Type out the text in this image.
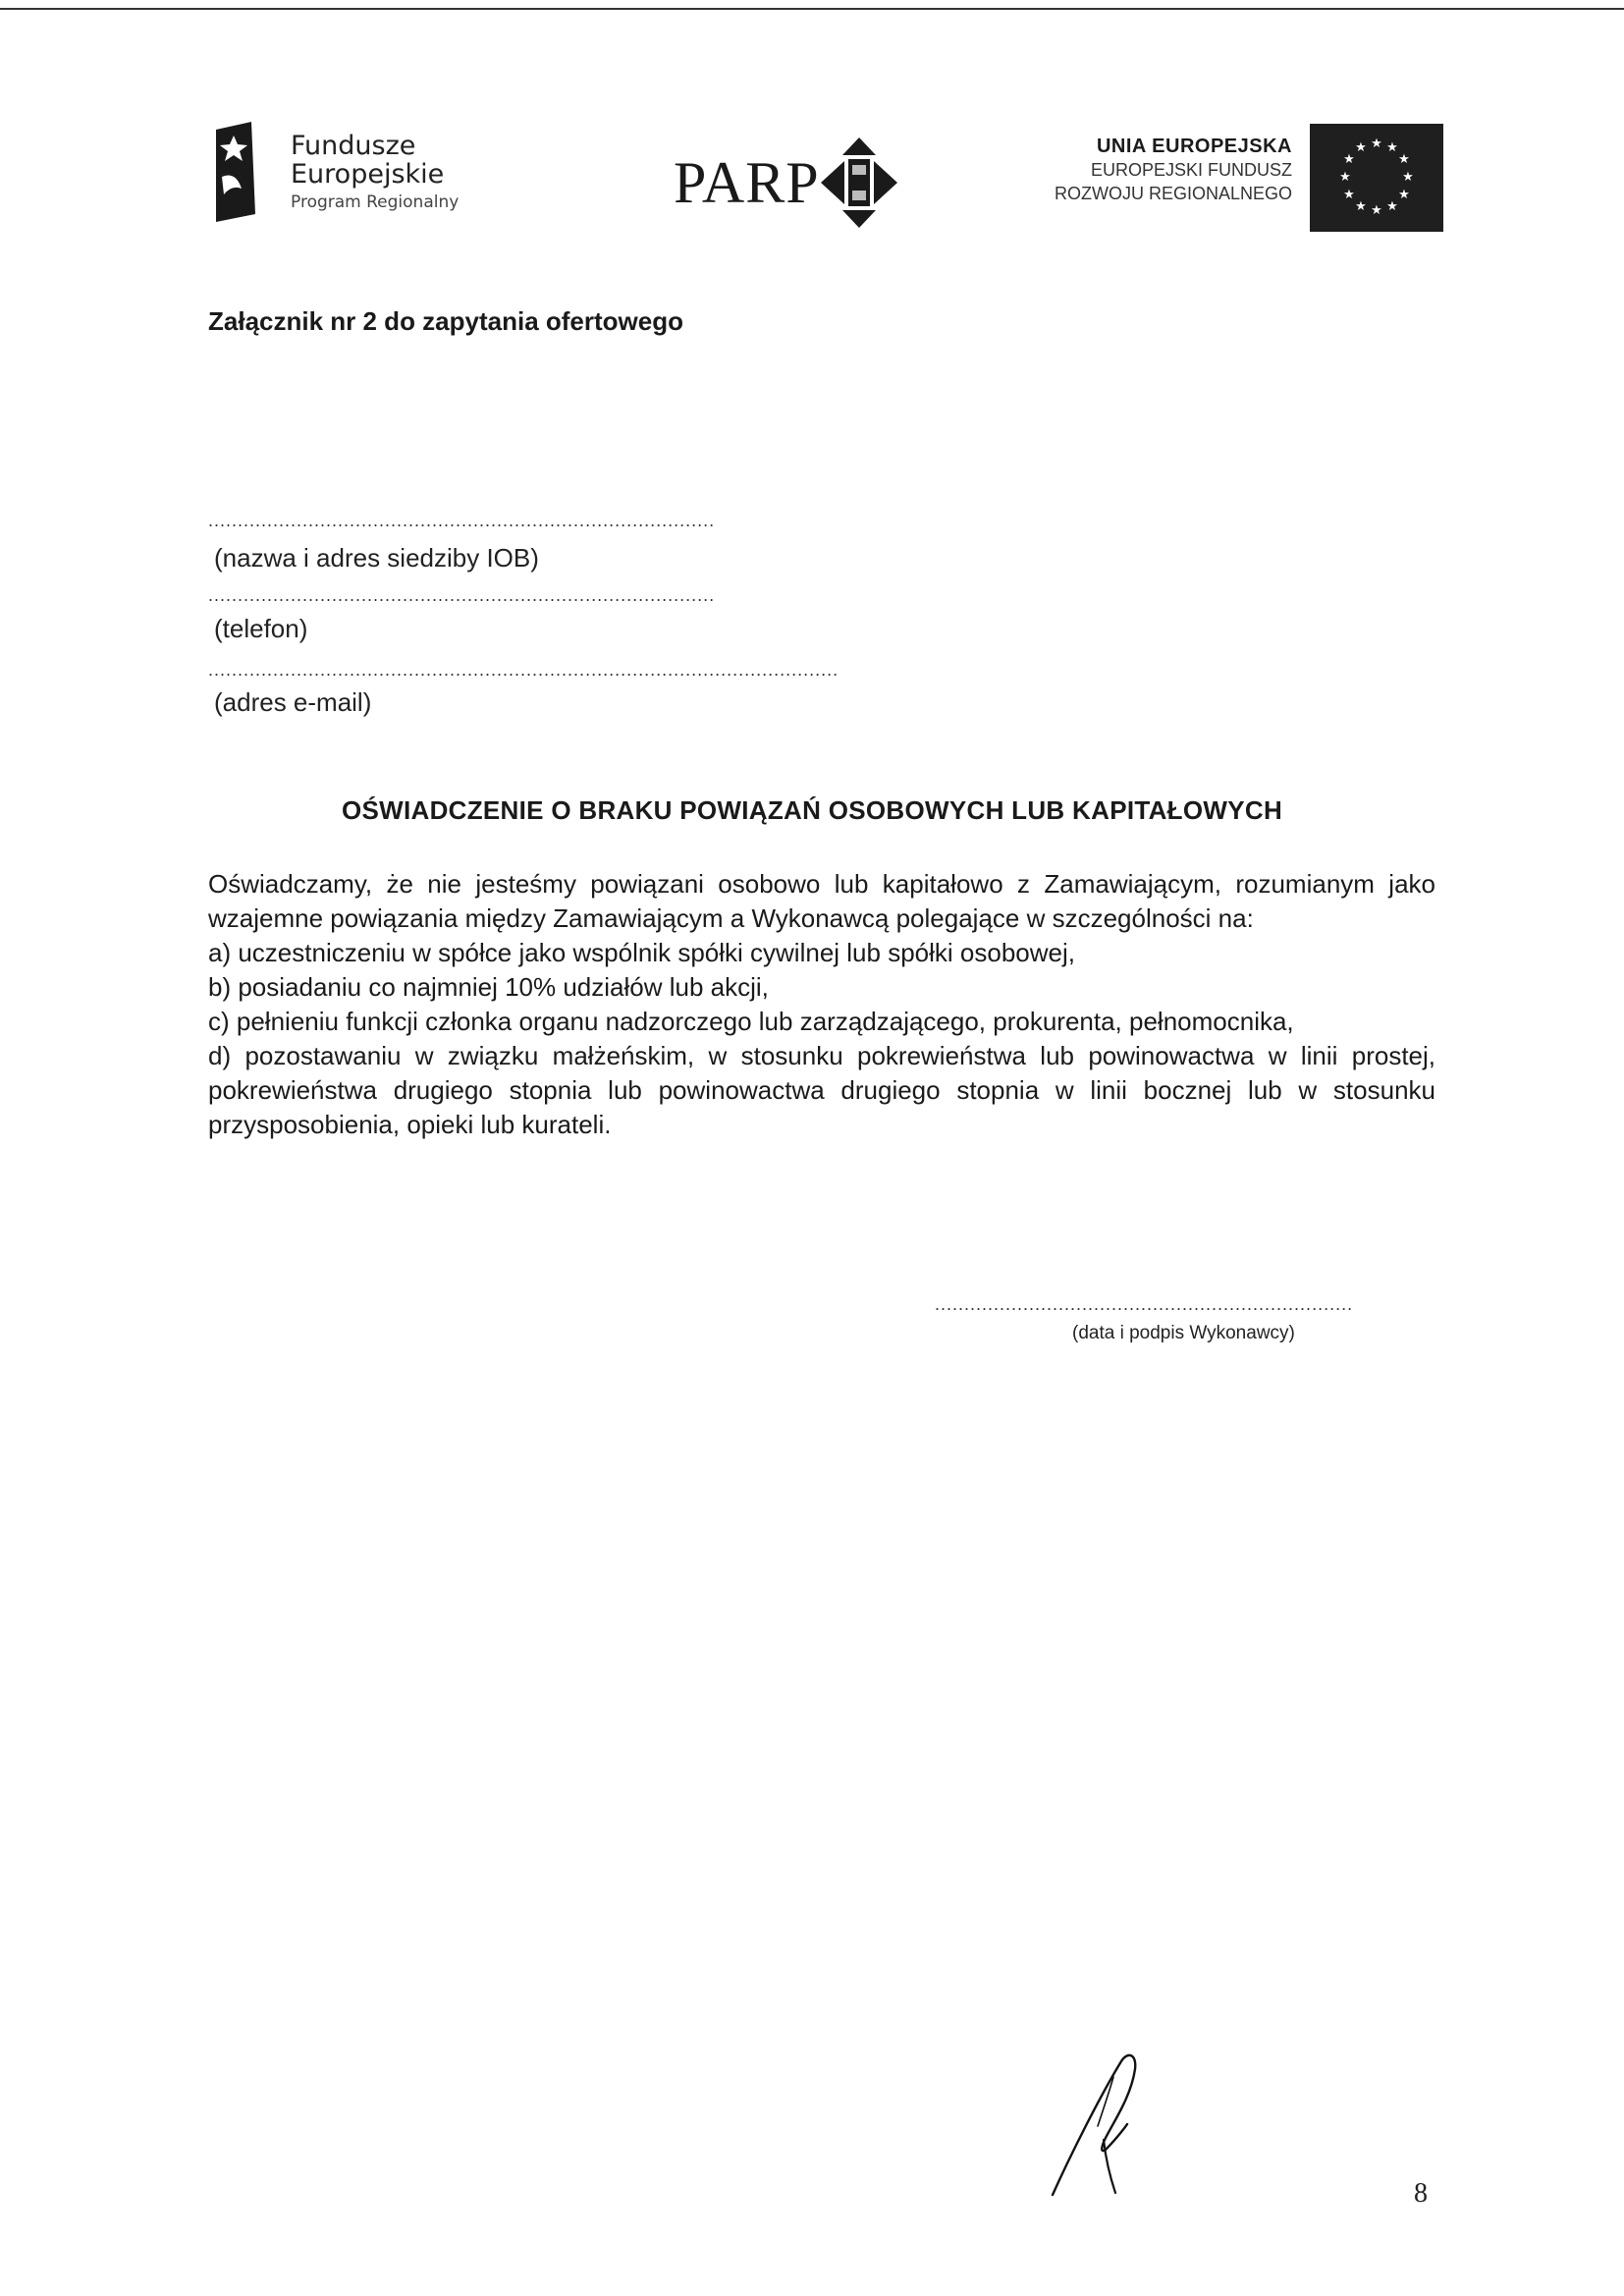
Fundusze
Europejskie
Program Regionalny	PARP
UNIA EUROPEJSKA
EUROPEJSKI FUNDUSZ
ROZWOJU REGIONALNEGO
★ ★
★
★
★
★
★
★
★
★
★
★
Załącznik nr 2 do zapytania ofertowego
......................................................................................
(nazwa i adres siedziby IOB)
......................................................................................
(telefon)
...........................................................................................................
(adres e-mail)
OŚWIADCZENIE O BRAKU POWIĄZAŃ OSOBOWYCH LUB KAPITAŁOWYCH

Oświadczamy, że nie jesteśmy powiązani osobowo lub kapitałowo z Zamawiającym, rozumianym jako

wzajemne powiązania między Zamawiającym a Wykonawcą polegające w szczególności na:

a) uczestniczeniu w spółce jako wspólnik spółki cywilnej lub spółki osobowej,

b) posiadaniu co najmniej 10% udziałów lub akcji,

c) pełnieniu funkcji członka organu nadzorczego lub zarządzającego, prokurenta, pełnomocnika,

d) pozostawaniu w związku małżeńskim, w stosunku pokrewieństwa lub powinowactwa w linii prostej,

pokrewieństwa drugiego stopnia lub powinowactwa drugiego stopnia w linii bocznej lub w stosunku

przysposobienia, opieki lub kurateli.

.......................................................................
(data i podpis Wykonawcy)
8
